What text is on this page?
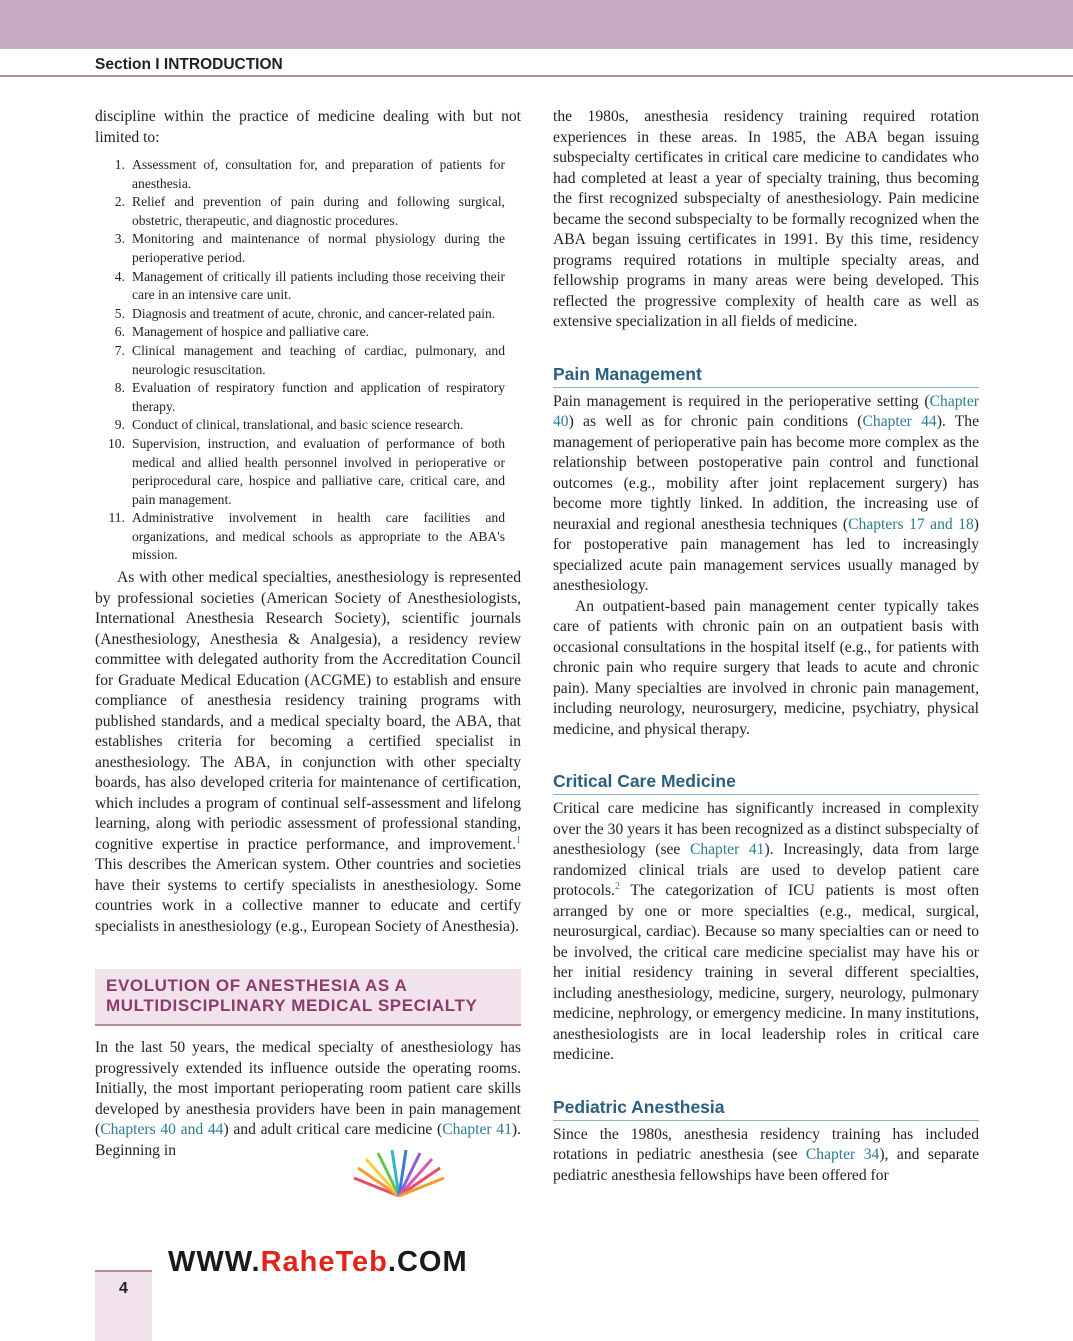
Section I INTRODUCTION

discipline within the practice of medicine dealing with but not limited to:

1. Assessment of, consultation for, and preparation of patients for anesthesia.
2. Relief and prevention of pain during and following surgical, obstetric, therapeutic, and diagnostic procedures.
3. Monitoring and maintenance of normal physiology during the perioperative period.
4. Management of critically ill patients including those receiving their care in an intensive care unit.
5. Diagnosis and treatment of acute, chronic, and cancer-related pain.
6. Management of hospice and palliative care.
7. Clinical management and teaching of cardiac, pulmonary, and neurologic resuscitation.
8. Evaluation of respiratory function and application of respiratory therapy.
9. Conduct of clinical, translational, and basic science research.
10. Supervision, instruction, and evaluation of performance of both medical and allied health personnel involved in perioperative or periprocedural care, hospice and palliative care, critical care, and pain management.
11. Administrative involvement in health care facilities and organizations, and medical schools as appropriate to the ABA's mission.

As with other medical specialties, anesthesiology is represented by professional societies (American Society of Anesthesiologists, International Anesthesia Research Society), scientific journals (Anesthesiology, Anesthesia & Analgesia), a residency review committee with delegated authority from the Accreditation Council for Graduate Medical Education (ACGME) to establish and ensure compliance of anesthesia residency training programs with published standards, and a medical specialty board, the ABA, that establishes criteria for becoming a certified specialist in anesthesiology. The ABA, in conjunction with other specialty boards, has also developed criteria for maintenance of certification, which includes a program of continual self-assessment and lifelong learning, along with periodic assessment of professional standing, cognitive expertise in practice performance, and improvement.$^1$ This describes the American system. Other countries and societies have their systems to certify specialists in anesthesiology. Some countries work in a collective manner to educate and certify specialists in anesthesiology (e.g., European Society of Anesthesia).

EVOLUTION OF ANESTHESIA AS A MULTIDISCIPLINARY MEDICAL SPECIALTY

In the last 50 years, the medical specialty of anesthesiology has progressively extended its influence outside the operating rooms. Initially, the most important perioperating room patient care skills developed by anesthesia providers have been in pain management (Chapters 40 and 44) and adult critical care medicine (Chapter 41). Beginning in

the 1980s, anesthesia residency training required rotation experiences in these areas. In 1985, the ABA began issuing subspecialty certificates in critical care medicine to candidates who had completed at least a year of specialty training, thus becoming the first recognized subspecialty of anesthesiology. Pain medicine became the second subspecialty to be formally recognized when the ABA began issuing certificates in 1991. By this time, residency programs required rotations in multiple specialty areas, and fellowship programs in many areas were being developed. This reflected the progressive complexity of health care as well as extensive specialization in all fields of medicine.

Pain Management

Pain management is required in the perioperative setting (Chapter 40) as well as for chronic pain conditions (Chapter 44). The management of perioperative pain has become more complex as the relationship between postoperative pain control and functional outcomes (e.g., mobility after joint replacement surgery) has become more tightly linked. In addition, the increasing use of neuraxial and regional anesthesia techniques (Chapters 17 and 18) for postoperative pain management has led to increasingly specialized acute pain management services usually managed by anesthesiology.

An outpatient-based pain management center typically takes care of patients with chronic pain on an outpatient basis with occasional consultations in the hospital itself (e.g., for patients with chronic pain who require surgery that leads to acute and chronic pain). Many specialties are involved in chronic pain management, including neurology, neurosurgery, medicine, psychiatry, physical medicine, and physical therapy.

Critical Care Medicine

Critical care medicine has significantly increased in complexity over the 30 years it has been recognized as a distinct subspecialty of anesthesiology (see Chapter 41). Increasingly, data from large randomized clinical trials are used to develop patient care protocols.$^2$ The categorization of ICU patients is most often arranged by one or more specialties (e.g., medical, surgical, neurosurgical, cardiac). Because so many specialties can or need to be involved, the critical care medicine specialist may have his or her initial residency training in several different specialties, including anesthesiology, medicine, surgery, neurology, pulmonary medicine, nephrology, or emergency medicine. In many institutions, anesthesiologists are in local leadership roles in critical care medicine.

Pediatric Anesthesia

Since the 1980s, anesthesia residency training has included rotations in pediatric anesthesia (see Chapter 34), and separate pediatric anesthesia fellowships have been offered for

4
WWW.RaheTeb.COM
